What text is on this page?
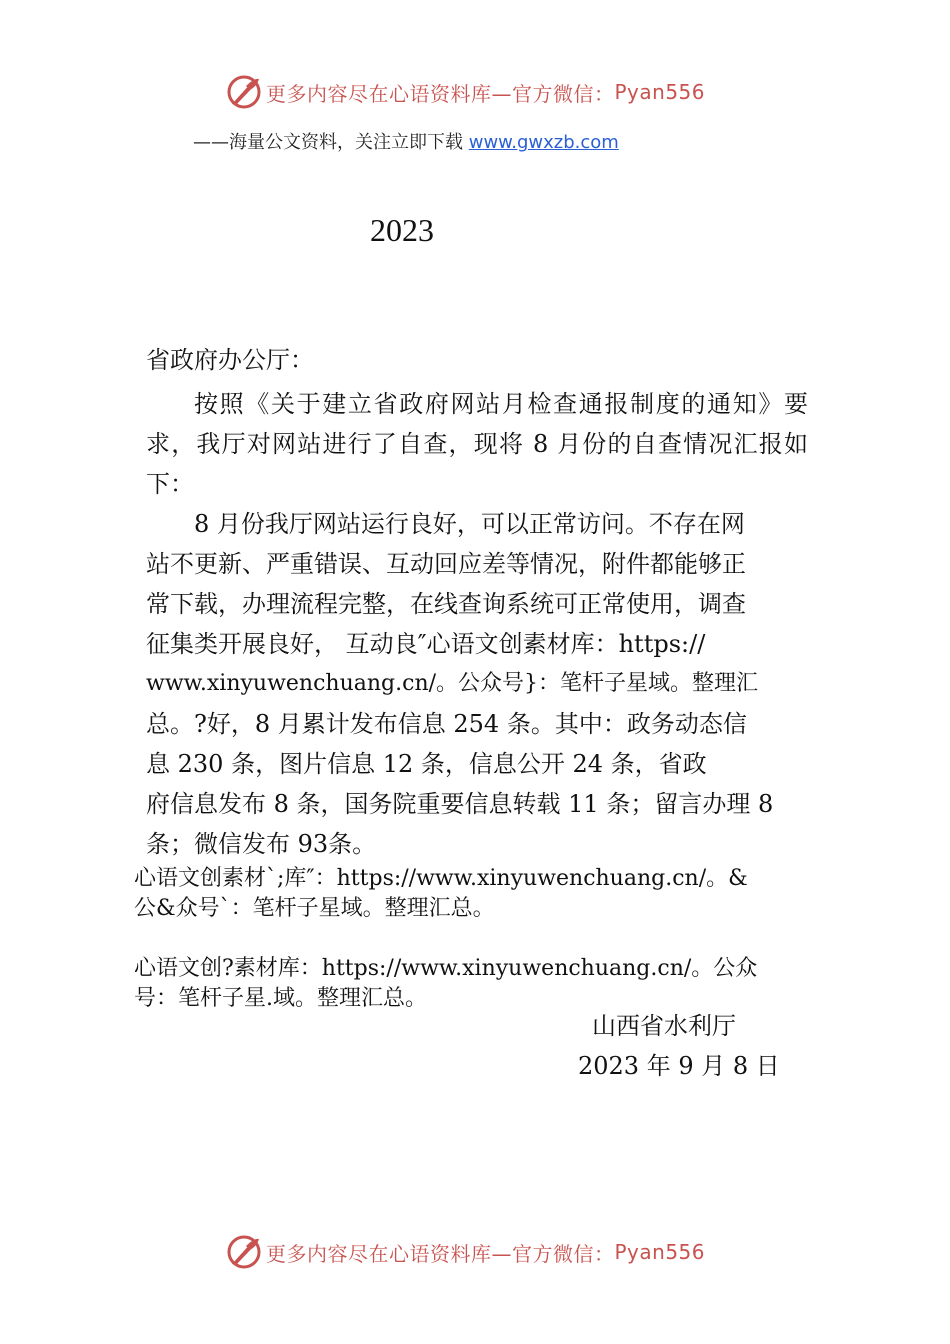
更多内容尽在心语资料库—官方微信： Pyan556
——海量公文资料，关注立即下载 www.gwxzb.com
2023
省政府办公厅：
按照《关于建立省政府网站月检查通报制度的通知》要求，我厅对网站进行了自查，现将 8 月份的自查情况汇报如下：
8 月份我厅网站运行良好，可以正常访问。不存在网
站不更新、严重错误、互动回应差等情况，附件都能够正
常下载，办理流程完整，在线查询系统可正常使用，调查
征集类开展良好， 互动良″心语文创素材库：https://
www.xinyuwenchuang.cn/。公众号}：笔杆子星域。整理汇
总。?好，8 月累计发布信息 254 条。其中：政务动态信
息 230 条，图片信息 12 条，信息公开 24 条，省政
府信息发布 8 条，国务院重要信息转载 11 条；留言办理 8
条；微信发布 93条。
心语文创素材`;库″：https://www.xinyuwenchuang.cn/。&
公&众号`：笔杆子星域。整理汇总。
心语文创?素材库：https://www.xinyuwenchuang.cn/。公众
号：笔杆子星.域。整理汇总。
山西省水利厅
2023 年 9 月 8 日
更多内容尽在心语资料库—官方微信： Pyan556
